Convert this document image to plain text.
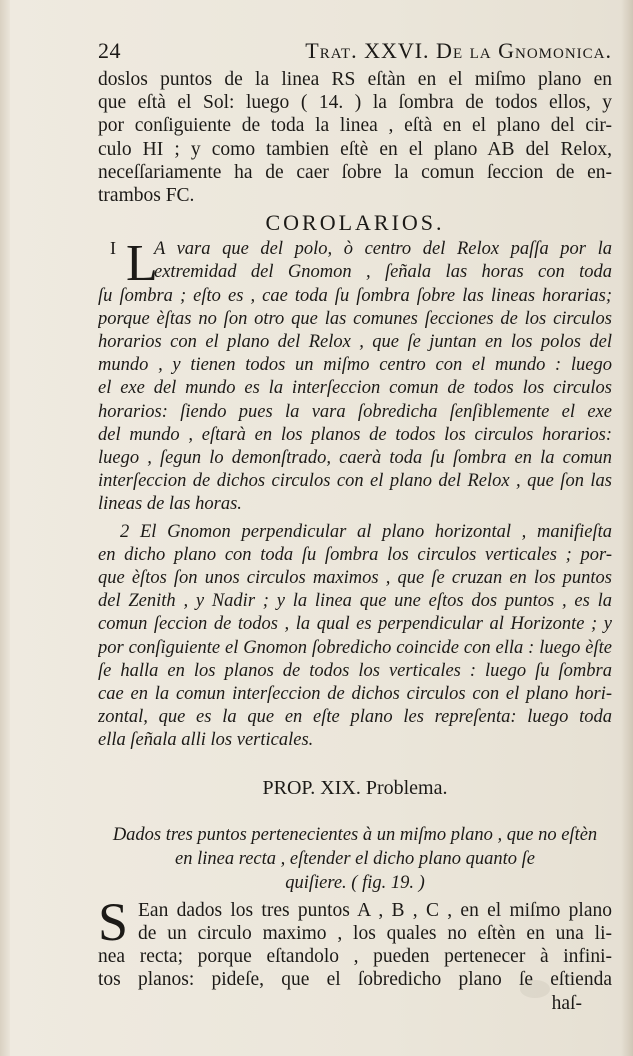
24	Trat. XXVI. De la Gnomonica.
doslos puntos de la linea RS eſtàn en el miſmo plano en
que eſtà el Sol: luego ( 14. ) la ſombra de todos ellos, y
por conſiguiente de toda la linea , eſtà en el plano del cir-
culo HI ; y como tambien eſtè en el plano AB del Relox,
neceſſariamente ha de caer ſobre la comun ſeccion de en-
trambos FC.
COROLARIOS.
I L
A vara que del polo, ò centro del Relox paſſa por la
extremidad del Gnomon , ſeñala las horas con toda
ſu ſombra ; eſto es , cae toda ſu ſombra ſobre las lineas horarias;
porque èſtas no ſon otro que las comunes ſecciones de los circulos
horarios con el plano del Relox , que ſe juntan en los polos del
mundo , y tienen todos un miſmo centro con el mundo : luego
el exe del mundo es la interſeccion comun de todos los circulos
horarios: ſiendo pues la vara ſobredicha ſenſiblemente el exe
del mundo , eſtarà en los planos de todos los circulos horarios:
luego , ſegun lo demonſtrado, caerà toda ſu ſombra en la comun
interſeccion de dichos circulos con el plano del Relox , que ſon las
lineas de las horas.
2 El Gnomon perpendicular al plano horizontal , manifieſta
en dicho plano con toda ſu ſombra los circulos verticales ; por-
que èſtos ſon unos circulos maximos , que ſe cruzan en los puntos
del Zenith , y Nadir ; y la linea que une eſtos dos puntos , es la
comun ſeccion de todos , la qual es perpendicular al Horizonte ; y
por conſiguiente el Gnomon ſobredicho coincide con ella : luego èſte
ſe halla en los planos de todos los verticales : luego ſu ſombra
cae en la comun interſeccion de dichos circulos con el plano hori-
zontal, que es la que en eſte plano les repreſenta: luego toda
ella ſeñala alli los verticales.
PROP. XIX. Problema.
Dados tres puntos pertenecientes à un miſmo plano , que no eſtèn
en linea recta , eſtender el dicho plano quanto ſe
quiſiere. ( fig. 19. )
S Ean dados los tres puntos A , B , C , en el miſmo plano
de un circulo maximo , los quales no eſtèn en una li-
nea recta; porque eſtandolo , pueden pertenecer à infini-
tos planos: pideſe, que el ſobredicho plano ſe eſtienda
haſ-
